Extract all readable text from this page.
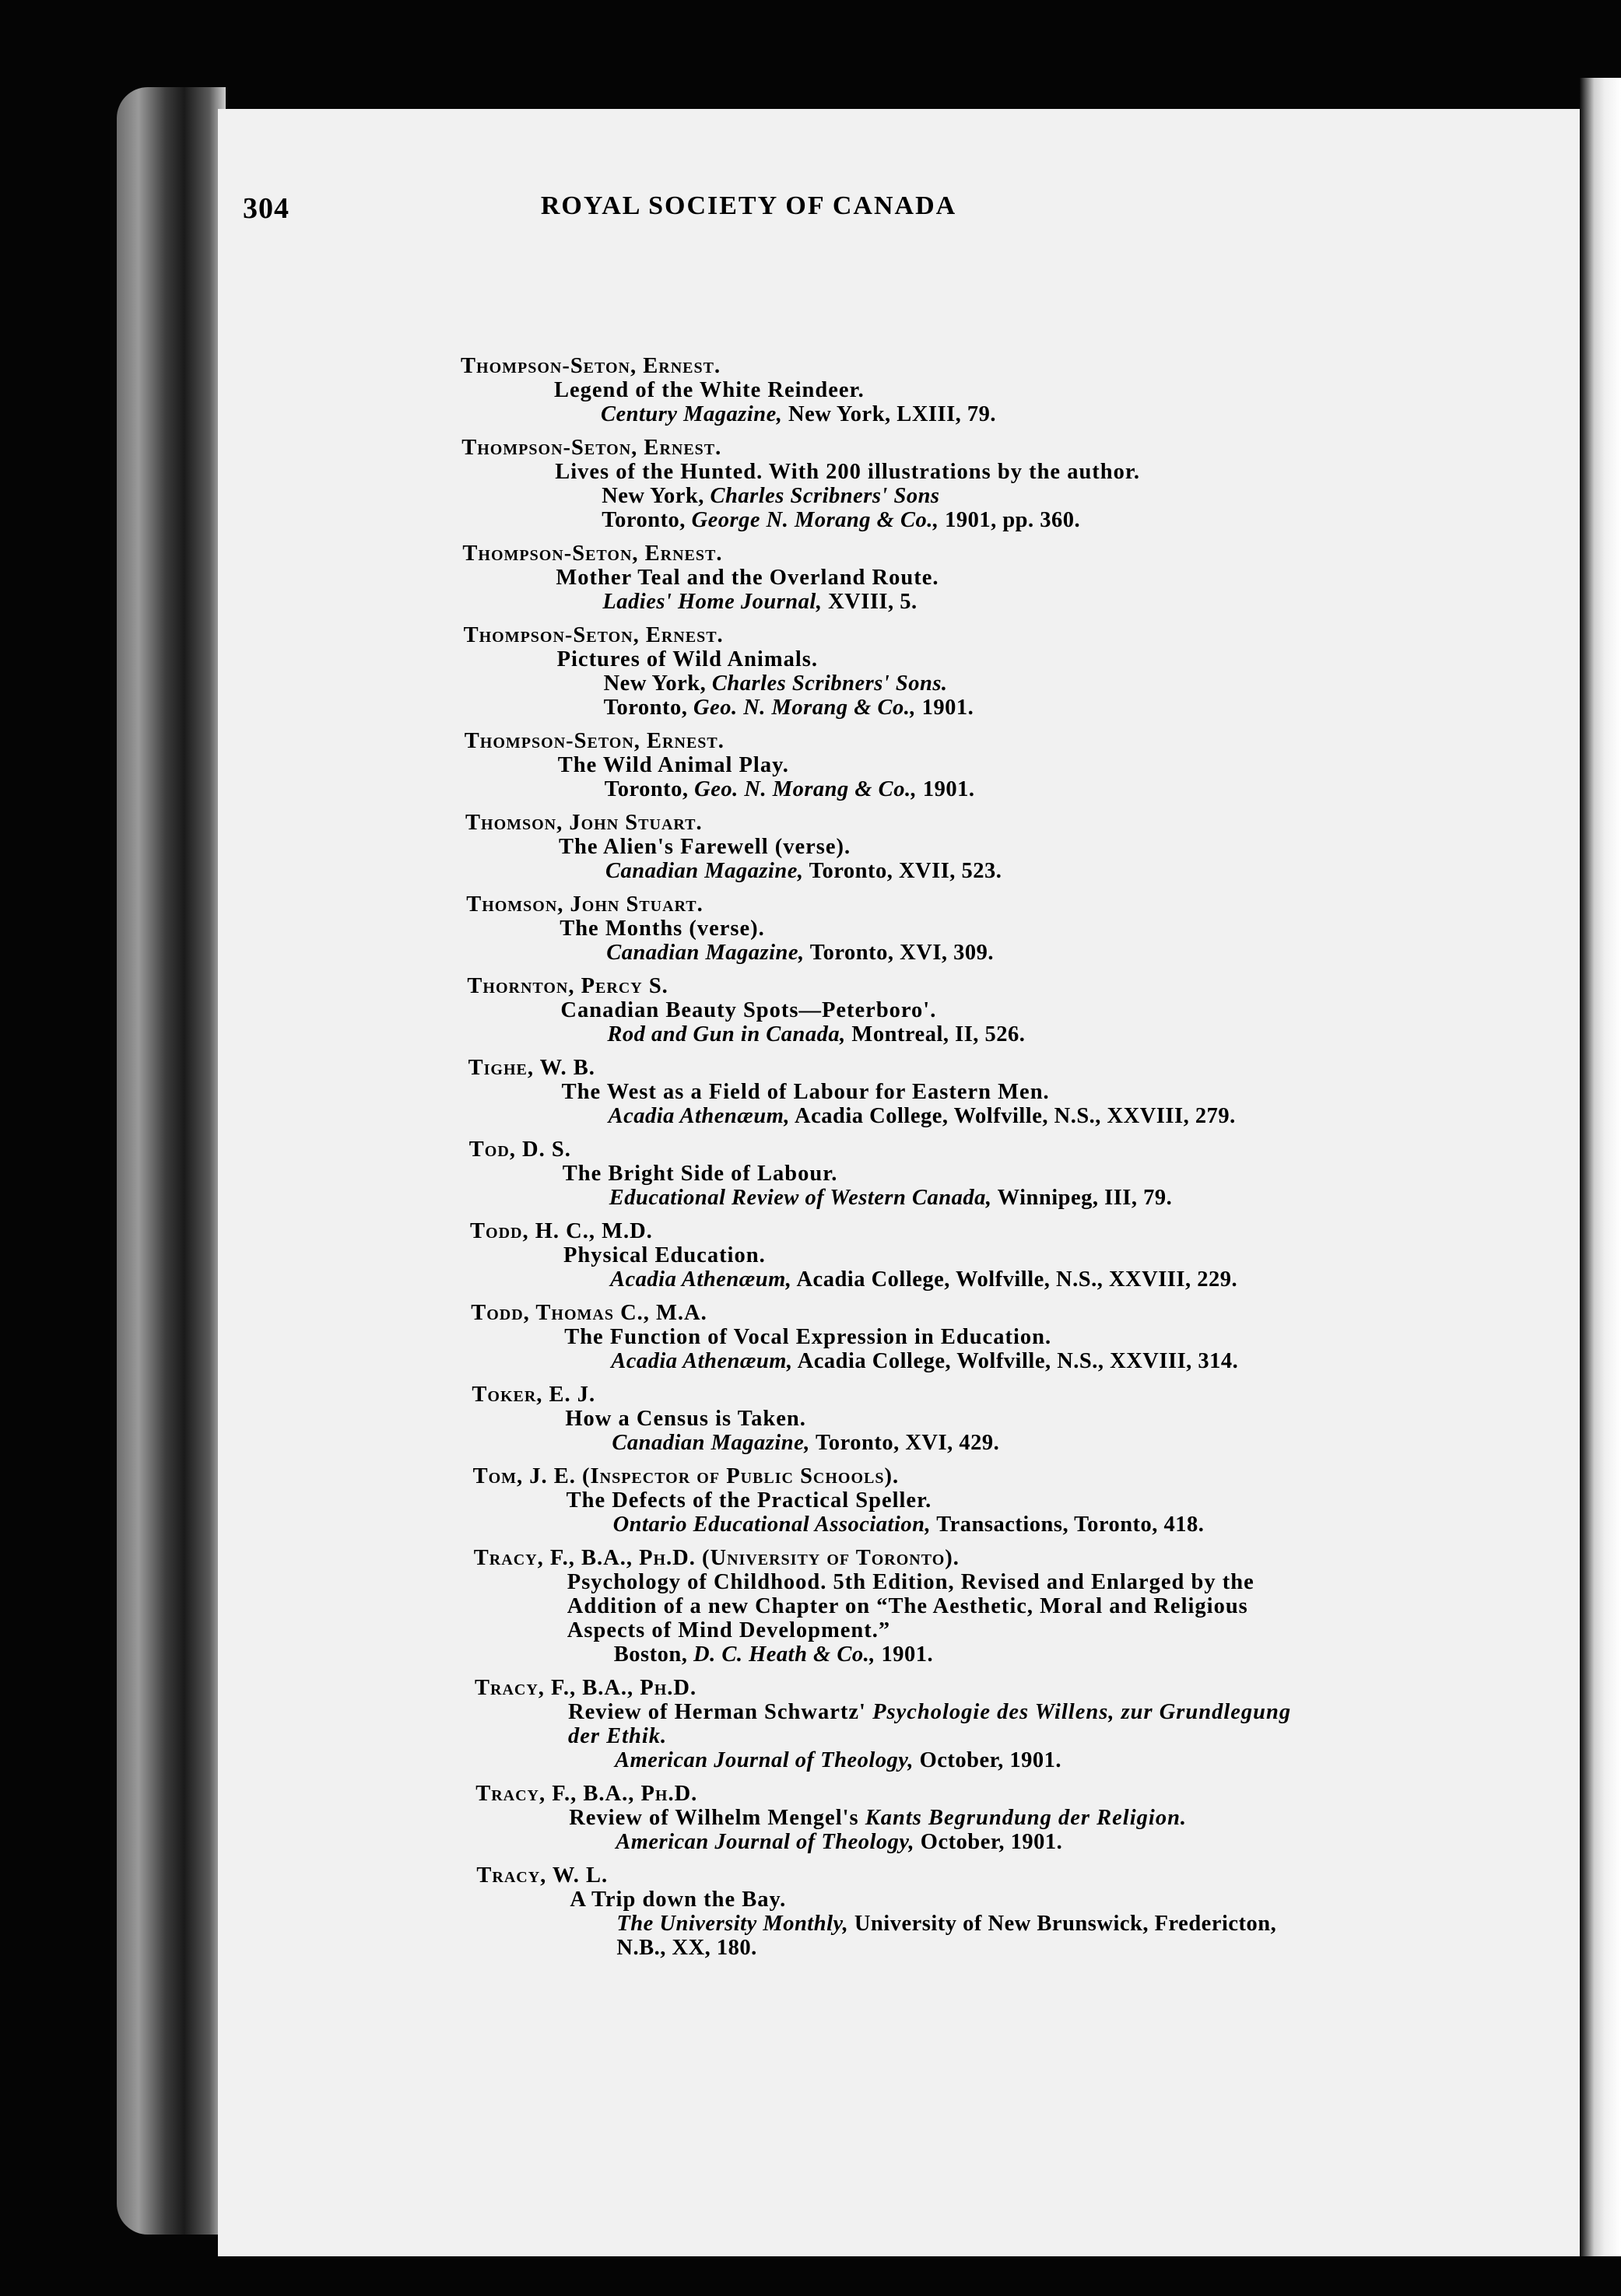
304	ROYAL SOCIETY OF CANADA
Thompson-Seton, Ernest.
Legend of the White Reindeer.
Century Magazine, New York, LXIII, 79.
Thompson-Seton, Ernest.
Lives of the Hunted. With 200 illustrations by the author.
New York, Charles Scribners' Sons
Toronto, George N. Morang & Co., 1901, pp. 360.
Thompson-Seton, Ernest.
Mother Teal and the Overland Route.
Ladies' Home Journal, XVIII, 5.
Thompson-Seton, Ernest.
Pictures of Wild Animals.
New York, Charles Scribners' Sons.
Toronto, Geo. N. Morang & Co., 1901.
Thompson-Seton, Ernest.
The Wild Animal Play.
Toronto, Geo. N. Morang & Co., 1901.
Thomson, John Stuart.
The Alien's Farewell (verse).
Canadian Magazine, Toronto, XVII, 523.
Thomson, John Stuart.
The Months (verse).
Canadian Magazine, Toronto, XVI, 309.
Thornton, Percy S.
Canadian Beauty Spots—Peterboro'.
Rod and Gun in Canada, Montreal, II, 526.
Tighe, W. B.
The West as a Field of Labour for Eastern Men.
Acadia Athenæum, Acadia College, Wolfville, N.S., XXVIII, 279.
Tod, D. S.
The Bright Side of Labour.
Educational Review of Western Canada, Winnipeg, III, 79.
Todd, H. C., M.D.
Physical Education.
Acadia Athenæum, Acadia College, Wolfville, N.S., XXVIII, 229.
Todd, Thomas C., M.A.
The Function of Vocal Expression in Education.
Acadia Athenæum, Acadia College, Wolfville, N.S., XXVIII, 314.
Toker, E. J.
How a Census is Taken.
Canadian Magazine, Toronto, XVI, 429.
Tom, J. E. (Inspector of Public Schools).
The Defects of the Practical Speller.
Ontario Educational Association, Transactions, Toronto, 418.
Tracy, F., B.A., Ph.D. (University of Toronto).
Psychology of Childhood. 5th Edition, Revised and Enlarged by the
Addition of a new Chapter on “The Aesthetic, Moral and Religious
Aspects of Mind Development.”
Boston, D. C. Heath & Co., 1901.
Tracy, F., B.A., Ph.D.
Review of Herman Schwartz' Psychologie des Willens, zur Grundlegung
der Ethik.
American Journal of Theology, October, 1901.
Tracy, F., B.A., Ph.D.
Review of Wilhelm Mengel's Kants Begrundung der Religion.
American Journal of Theology, October, 1901.
Tracy, W. L.
A Trip down the Bay.
The University Monthly, University of New Brunswick, Fredericton,
N.B., XX, 180.
